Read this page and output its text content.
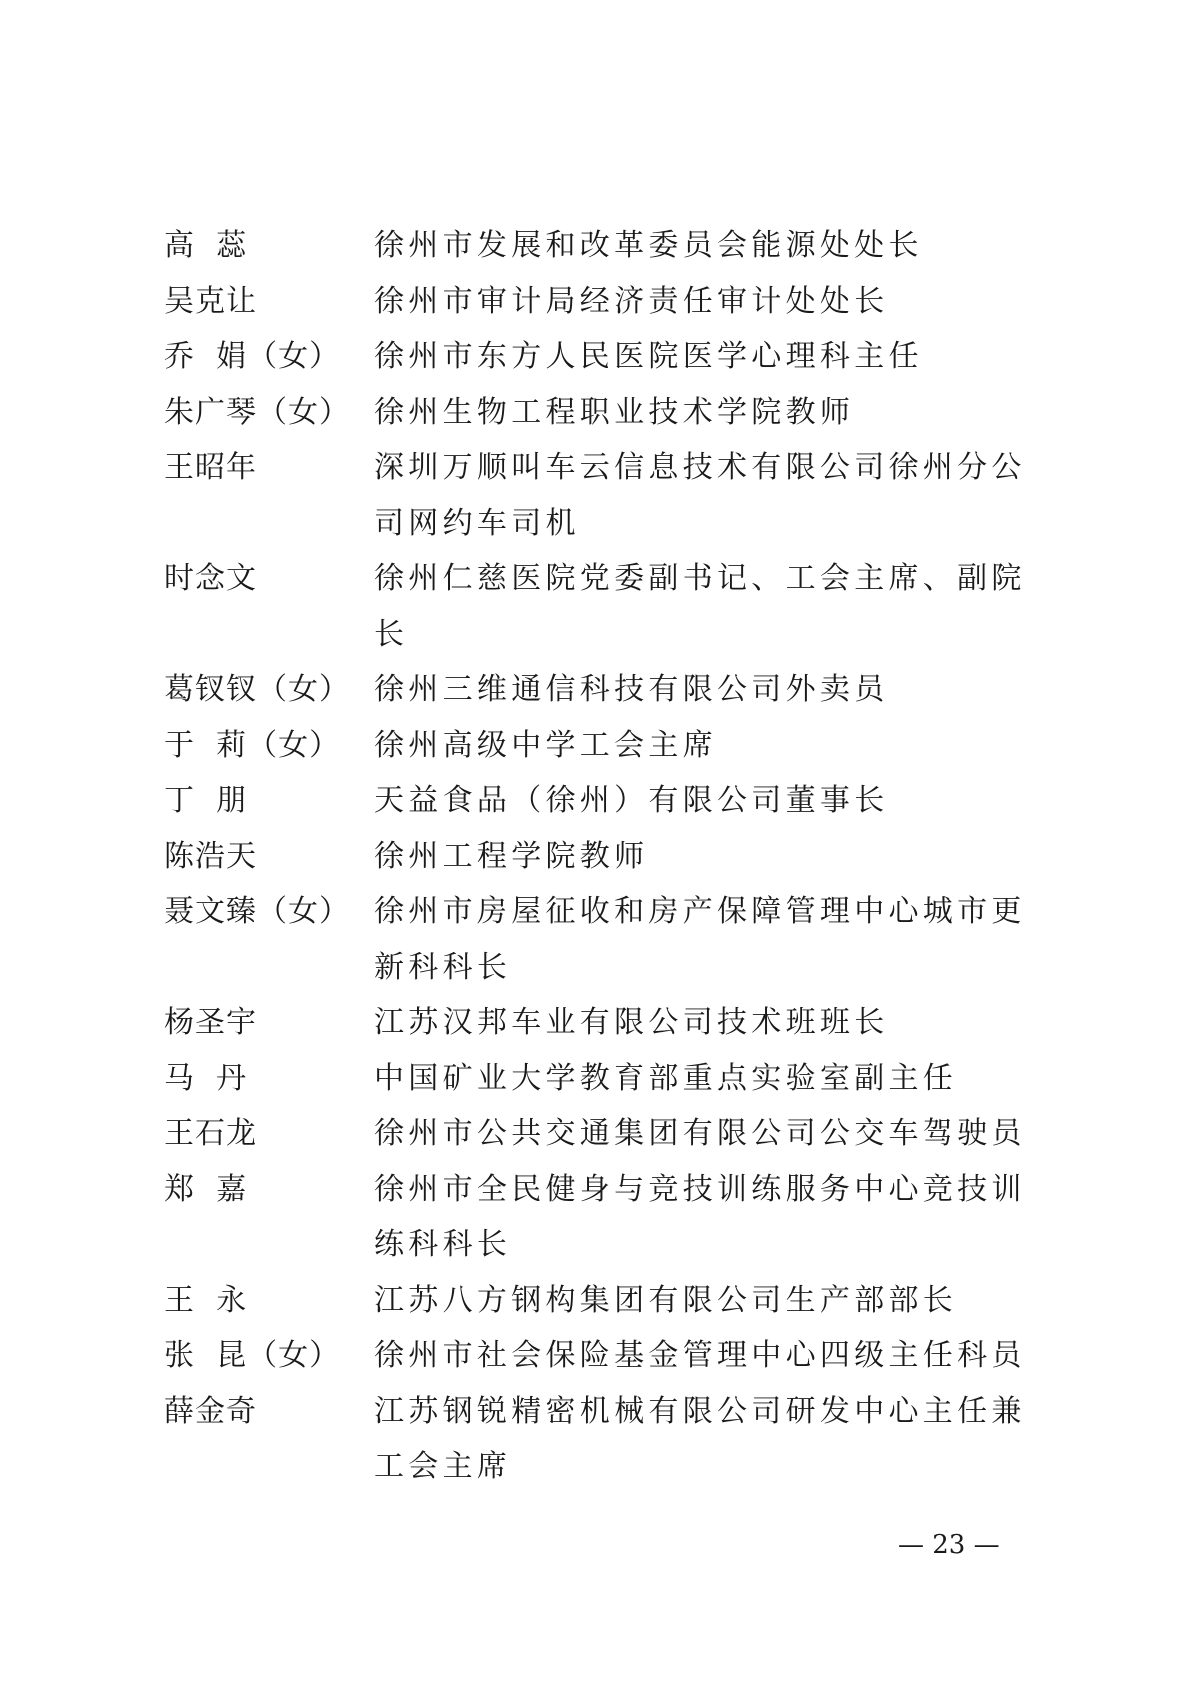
高  蕊	徐州市发展和改革委员会能源处处长
吴克让	徐州市审计局经济责任审计处处长
乔  娟（女）	徐州市东方人民医院医学心理科主任
朱广琴（女） 徐州生物工程职业技术学院教师
王昭年	深圳万顺叫车云信息技术有限公司徐州分公司网约车司机
时念文	徐州仁慈医院党委副书记、工会主席、副院长
葛钗钗（女） 徐州三维通信科技有限公司外卖员
于  莉（女）	徐州高级中学工会主席
丁  朋	天益食品（徐州）有限公司董事长
陈浩天	徐州工程学院教师
聂文臻（女） 徐州市房屋征收和房产保障管理中心城市更新科科长
杨圣宇	江苏汉邦车业有限公司技术班班长
马  丹	中国矿业大学教育部重点实验室副主任
王石龙	徐州市公共交通集团有限公司公交车驾驶员
郑  嘉	徐州市全民健身与竞技训练服务中心竞技训练科科长
王  永	江苏八方钢构集团有限公司生产部部长
张  昆（女）	徐州市社会保险基金管理中心四级主任科员
薛金奇	江苏钢锐精密机械有限公司研发中心主任兼工会主席
— 23 —
